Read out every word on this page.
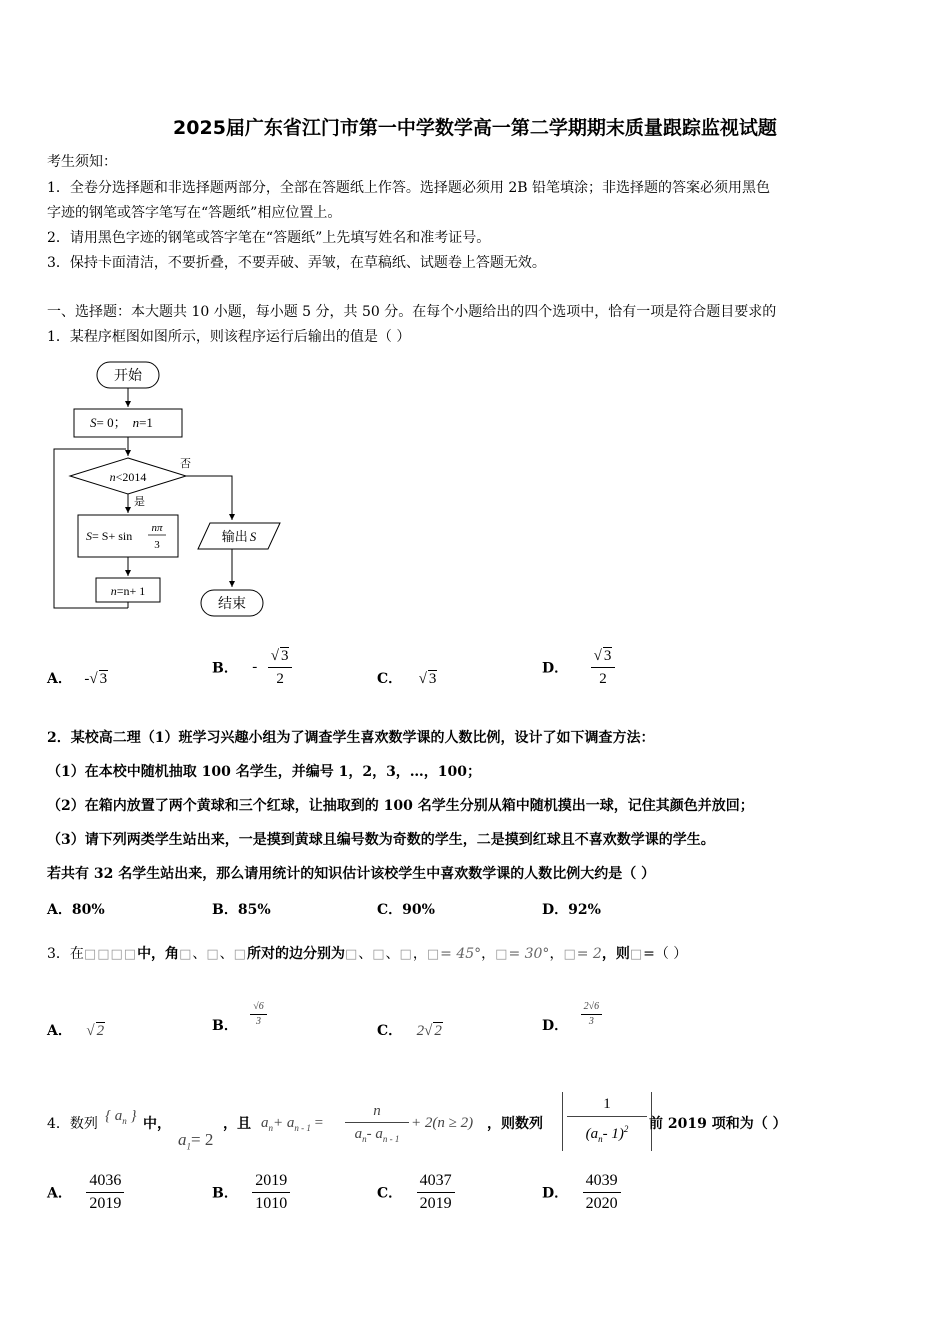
2025届广东省江门市第一中学数学高一第二学期期末质量跟踪监视试题
考生须知：
1．全卷分选择题和非选择题两部分，全部在答题纸上作答。选择题必须用 2B 铅笔填涂；非选择题的答案必须用黑色
字迹的钢笔或答字笔写在“答题纸”相应位置上。
2．请用黑色字迹的钢笔或答字笔在“答题纸”上先填写姓名和准考证号。
3．保持卡面清洁，不要折叠，不要弄破、弄皱，在草稿纸、试题卷上答题无效。
一、选择题：本大题共 10 小题，每小题 5 分，共 50 分。在每个小题给出的四个选项中，恰有一项是符合题目要求的
1．某程序框图如图所示，则该程序运行后输出的值是（ ）
开始
S= 0； n=1
n<2014
否
是
S= S+ sin
nπ
3
n=n+ 1
输出 S
结束
A． -√ 3
B． - $\frac{√ 3}{2}$	C． √ 3
D． $\frac{√ 3}{2}$
2．某校高二理（1）班学习兴趣小组为了调查学生喜欢数学课的人数比例，设计了如下调查方法：
（1）在本校中随机抽取 100 名学生，并编号 1，2，3，…，100；
（2）在箱内放置了两个黄球和三个红球，让抽取到的 100 名学生分别从箱中随机摸出一球，记住其颜色并放回；
（3）请下列两类学生站出来，一是摸到黄球且编号数为奇数的学生，二是摸到红球且不喜欢数学课的学生。
若共有 32 名学生站出来，那么请用统计的知识估计该校学生中喜欢数学课的人数比例大约是（ ）
A．80%	B．85%	C．90%	D．92%
3．在□□□□中，角□、□、□所对的边分别为□、□、□，□= 45°，□= 30°，□= 2，则□=（ ）
A． √ 2	B． $\frac{√6}{3}$
C． 2√ 2	D． $\frac{2√6}{3}$
4．数列 { $a_n$ } 中，
$a_1= 2$
，且 $a_n+ a_{n - 1}$ =
n
$a_n-$ $a_{n - 1}$
+ 2(n ≥ 2) ，则数列
1
($a_n-$ 1)$^2$	前 2019 项和为（ ）
A． $\frac{4036}{2019}$	B． $\frac{2019}{1010}$	C． $\frac{4037}{2019}$	D． $\frac{4039}{2020}$
